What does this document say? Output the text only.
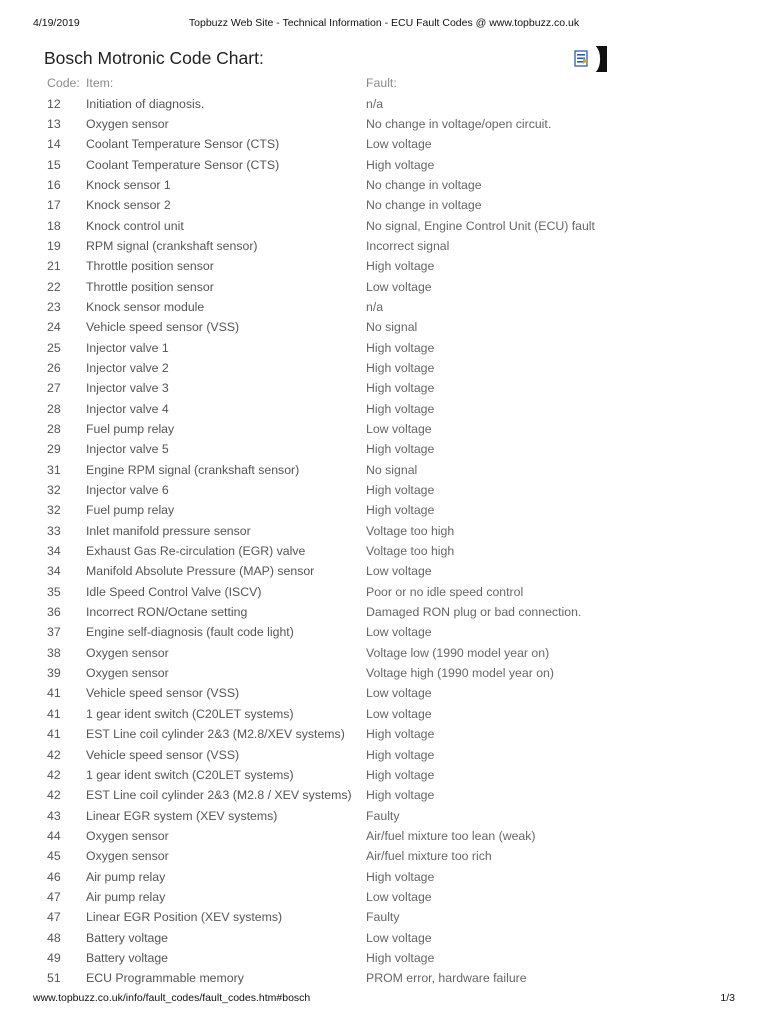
4/19/2019	Topbuzz Web Site - Technical Information - ECU Fault Codes @ www.topbuzz.co.uk
Bosch Motronic Code Chart:
Code:	Item:	Fault:
12	Initiation of diagnosis.	n/a
13	Oxygen sensor	No change in voltage/open circuit.
14	Coolant Temperature Sensor (CTS)	Low voltage
15	Coolant Temperature Sensor (CTS)	High voltage
16	Knock sensor 1	No change in voltage
17	Knock sensor 2	No change in voltage
18	Knock control unit	No signal, Engine Control Unit (ECU) fault
19	RPM signal (crankshaft sensor)	Incorrect signal
21	Throttle position sensor	High voltage
22	Throttle position sensor	Low voltage
23	Knock sensor module	n/a
24	Vehicle speed sensor (VSS)	No signal
25	Injector valve 1	High voltage
26	Injector valve 2	High voltage
27	Injector valve 3	High voltage
28	Injector valve 4	High voltage
28	Fuel pump relay	Low voltage
29	Injector valve 5	High voltage
31	Engine RPM signal (crankshaft sensor)	No signal
32	Injector valve 6	High voltage
32	Fuel pump relay	High voltage
33	Inlet manifold pressure sensor	Voltage too high
34	Exhaust Gas Re-circulation (EGR) valve	Voltage too high
34	Manifold Absolute Pressure (MAP) sensor	Low voltage
35	Idle Speed Control Valve (ISCV)	Poor or no idle speed control
36	Incorrect RON/Octane setting	Damaged RON plug or bad connection.
37	Engine self-diagnosis (fault code light)	Low voltage
38	Oxygen sensor	Voltage low (1990 model year on)
39	Oxygen sensor	Voltage high (1990 model year on)
41	Vehicle speed sensor (VSS)	Low voltage
41	1 gear ident switch (C20LET systems)	Low voltage
41	EST Line coil cylinder 2&3 (M2.8/XEV systems)	High voltage
42	Vehicle speed sensor (VSS)	High voltage
42	1 gear ident switch (C20LET systems)	High voltage
42	EST Line coil cylinder 2&3 (M2.8 / XEV systems)	High voltage
43	Linear EGR system (XEV systems)	Faulty
44	Oxygen sensor	Air/fuel mixture too lean (weak)
45	Oxygen sensor	Air/fuel mixture too rich
46	Air pump relay	High voltage
47	Air pump relay	Low voltage
47	Linear EGR Position (XEV systems)	Faulty
48	Battery voltage	Low voltage
49	Battery voltage	High voltage
51	ECU Programmable memory	PROM error, hardware failure
www.topbuzz.co.uk/info/fault_codes/fault_codes.htm#bosch	1/3
